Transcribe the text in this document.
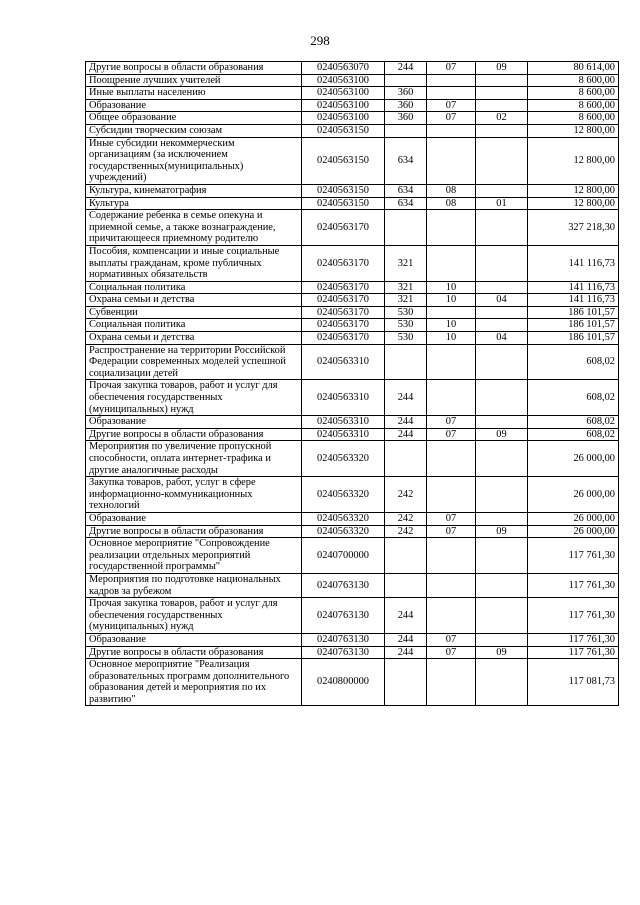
298
Другие вопросы в области образования	0240563070	244	07	09	80 614,00
Поощрение лучших учителей	0240563100				8 600,00
Иные выплаты населению	0240563100	360			8 600,00
Образование	0240563100	360	07		8 600,00
Общее образование	0240563100	360	07	02	8 600,00
Субсидии творческим союзам	0240563150				12 800,00
Иные субсидии некоммерческим организациям (за исключением государственных(муниципальных) учреждений)	0240563150	634			12 800,00
Культура, кинематография	0240563150	634	08		12 800,00
Культура	0240563150	634	08	01	12 800,00
Содержание ребенка в семье опекуна и приемной семье, а также вознаграждение, причитающееся приемному родителю	0240563170				327 218,30
Пособия, компенсации и иные социальные выплаты гражданам, кроме публичных нормативных обязательств	0240563170	321			141 116,73
Социальная политика	0240563170	321	10		141 116,73
Охрана семьи и детства	0240563170	321	10	04	141 116,73
Субвенции	0240563170	530			186 101,57
Социальная политика	0240563170	530	10		186 101,57
Охрана семьи и детства	0240563170	530	10	04	186 101,57
Распространение на территории Российской Федерации современных моделей успешной социализации детей	0240563310				608,02
Прочая закупка товаров, работ и услуг для обеспечения государственных (муниципальных) нужд	0240563310	244			608,02
Образование	0240563310	244	07		608,02
Другие вопросы в области образования	0240563310	244	07	09	608,02
Мероприятия по увеличение пропускной способности, оплата интернет-трафика и другие аналогичные расходы	0240563320				26 000,00
Закупка товаров, работ, услуг в сфере информационно-коммуникационных технологий	0240563320	242			26 000,00
Образование	0240563320	242	07		26 000,00
Другие вопросы в области образования	0240563320	242	07	09	26 000,00
Основное мероприятие "Сопровождение реализации отдельных мероприятий государственной программы"	0240700000				117 761,30
Мероприятия по подготовке национальных кадров за рубежом	0240763130				117 761,30
Прочая закупка товаров, работ и услуг для обеспечения государственных (муниципальных) нужд	0240763130	244			117 761,30
Образование	0240763130	244	07		117 761,30
Другие вопросы в области образования	0240763130	244	07	09	117 761,30
Основное мероприятие "Реализация образовательных программ дополнительного образования детей и мероприятия по их развитию"	0240800000				117 081,73
